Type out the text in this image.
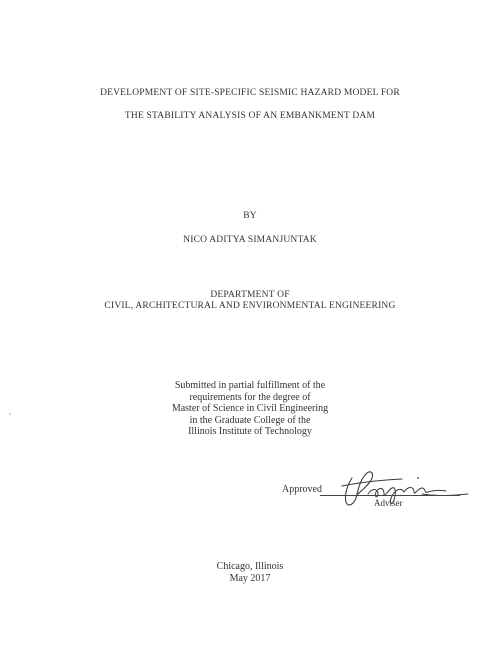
DEVELOPMENT OF SITE-SPECIFIC SEISMIC HAZARD MODEL FOR
THE STABILITY ANALYSIS OF AN EMBANKMENT DAM
BY
NICO ADITYA SIMANJUNTAK
DEPARTMENT OF
CIVIL, ARCHITECTURAL AND ENVIRONMENTAL ENGINEERING
Submitted in partial fulfillment of the
requirements for the degree of
Master of Science in Civil Engineering
in the Graduate College of the
Illinois Institute of Technology
Approved
Adviser
Chicago, Illinois
May 2017
